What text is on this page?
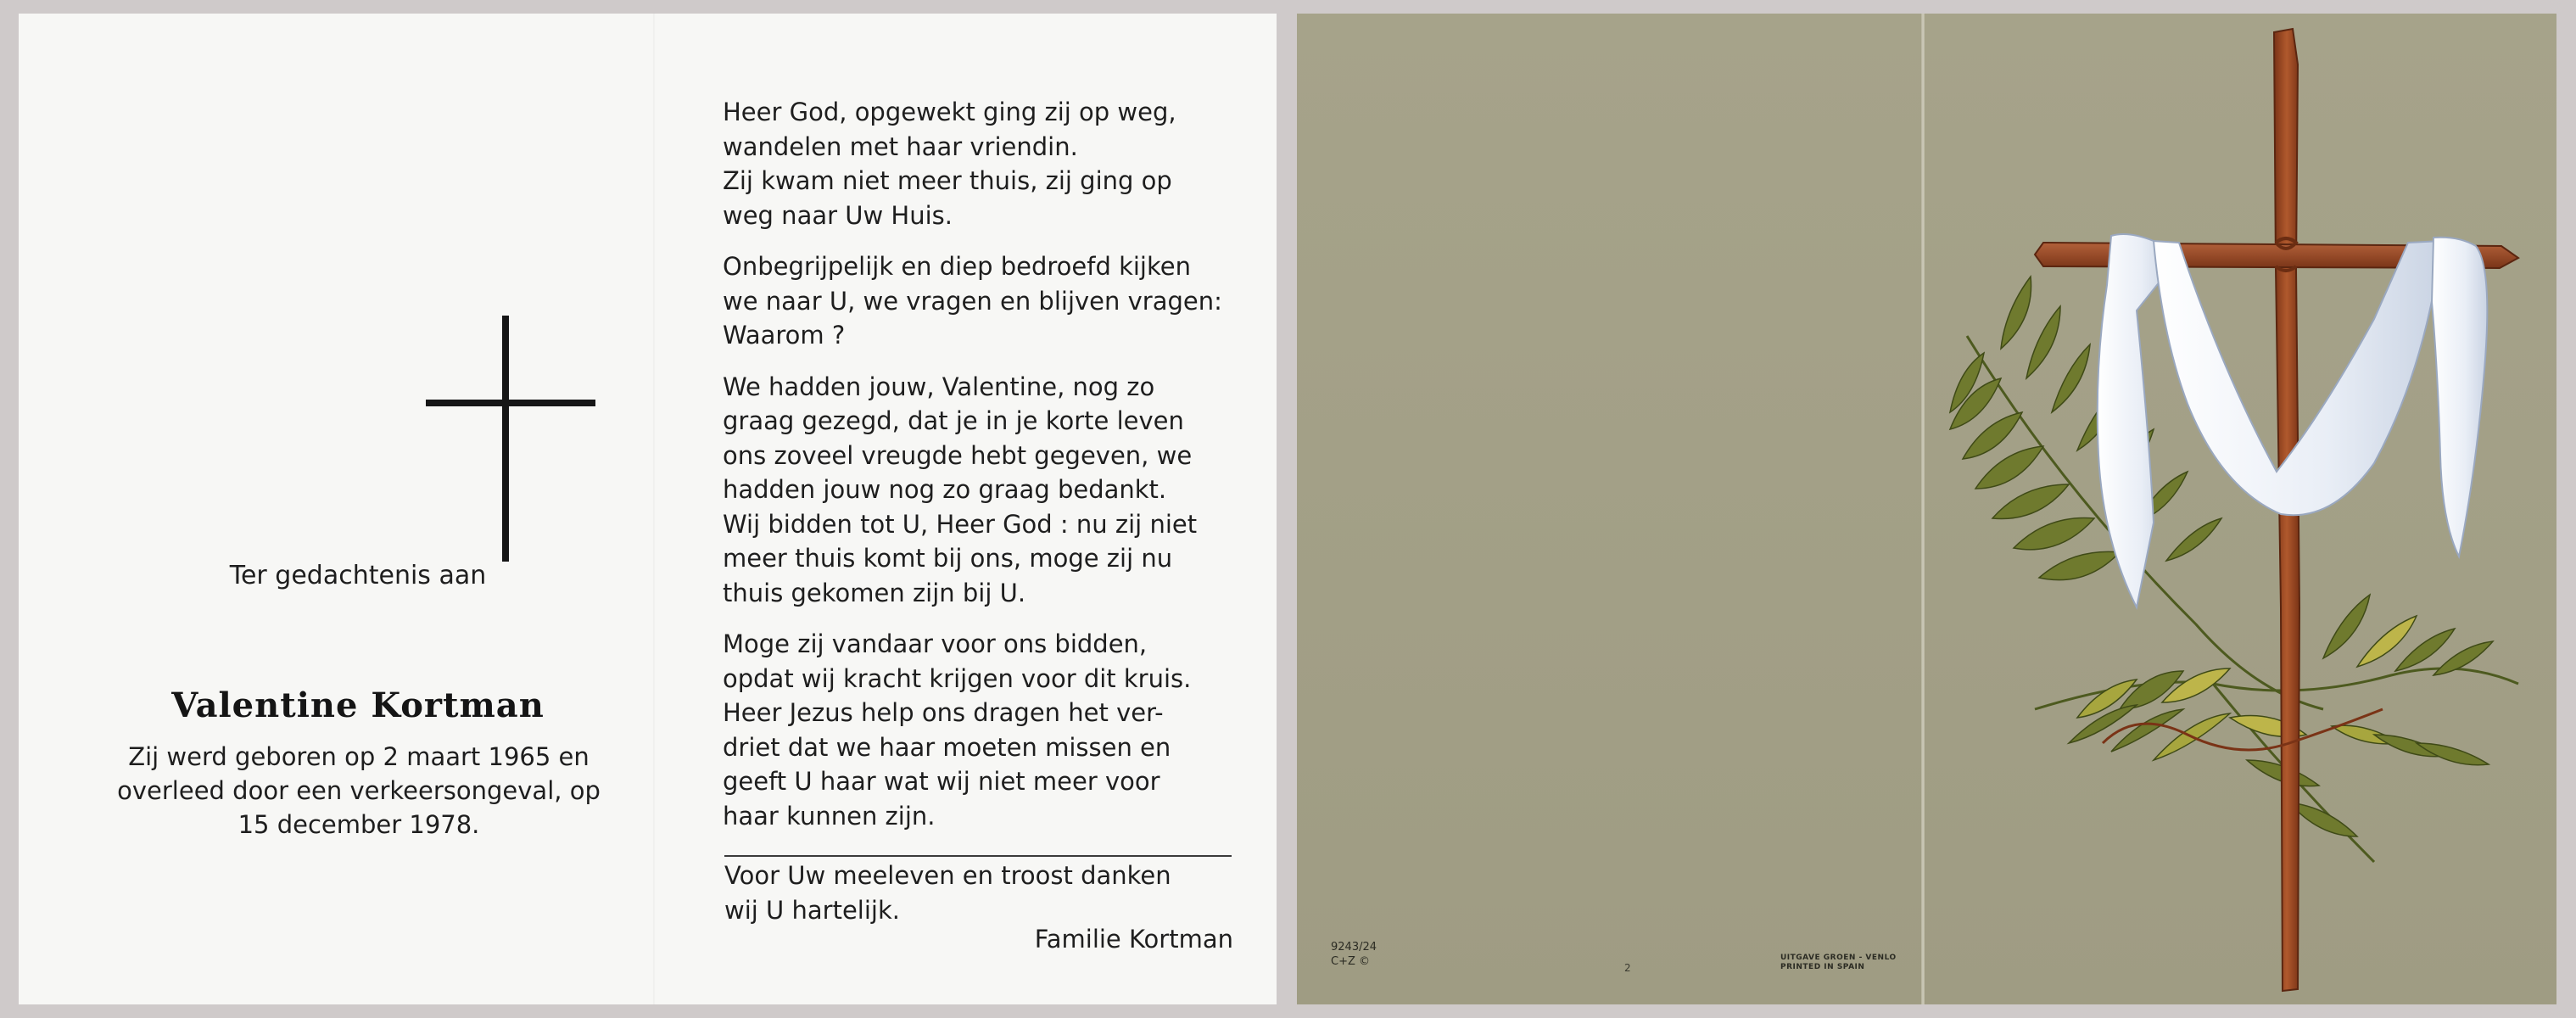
Ter gedachtenis aan
Valentine Kortman
Zij werd geboren op 2 maart 1965 en
overleed door een verkeersongeval, op
15 december 1978.
Heer God, opgewekt ging zij op weg,
wandelen met haar vriendin.
Zij kwam niet meer thuis, zij ging op
weg naar Uw Huis.
Onbegrijpelijk en diep bedroefd kijken
we naar U, we vragen en blijven vragen:
Waarom ?
We hadden jouw, Valentine, nog zo
graag gezegd, dat je in je korte leven
ons zoveel vreugde hebt gegeven, we
hadden jouw nog zo graag bedankt.
Wij bidden tot U, Heer God : nu zij niet
meer thuis komt bij ons, moge zij nu
thuis gekomen zijn bij U.
Moge zij vandaar voor ons bidden,
opdat wij kracht krijgen voor dit kruis.
Heer Jezus help ons dragen het ver-
driet dat we haar moeten missen en
geeft U haar wat wij niet meer voor
haar kunnen zijn.
Voor Uw meeleven en troost danken
wij U hartelijk.
Familie Kortman	9243/24
C+Z ©	2
UITGAVE GROEN - VENLO
PRINTED IN SPAIN
